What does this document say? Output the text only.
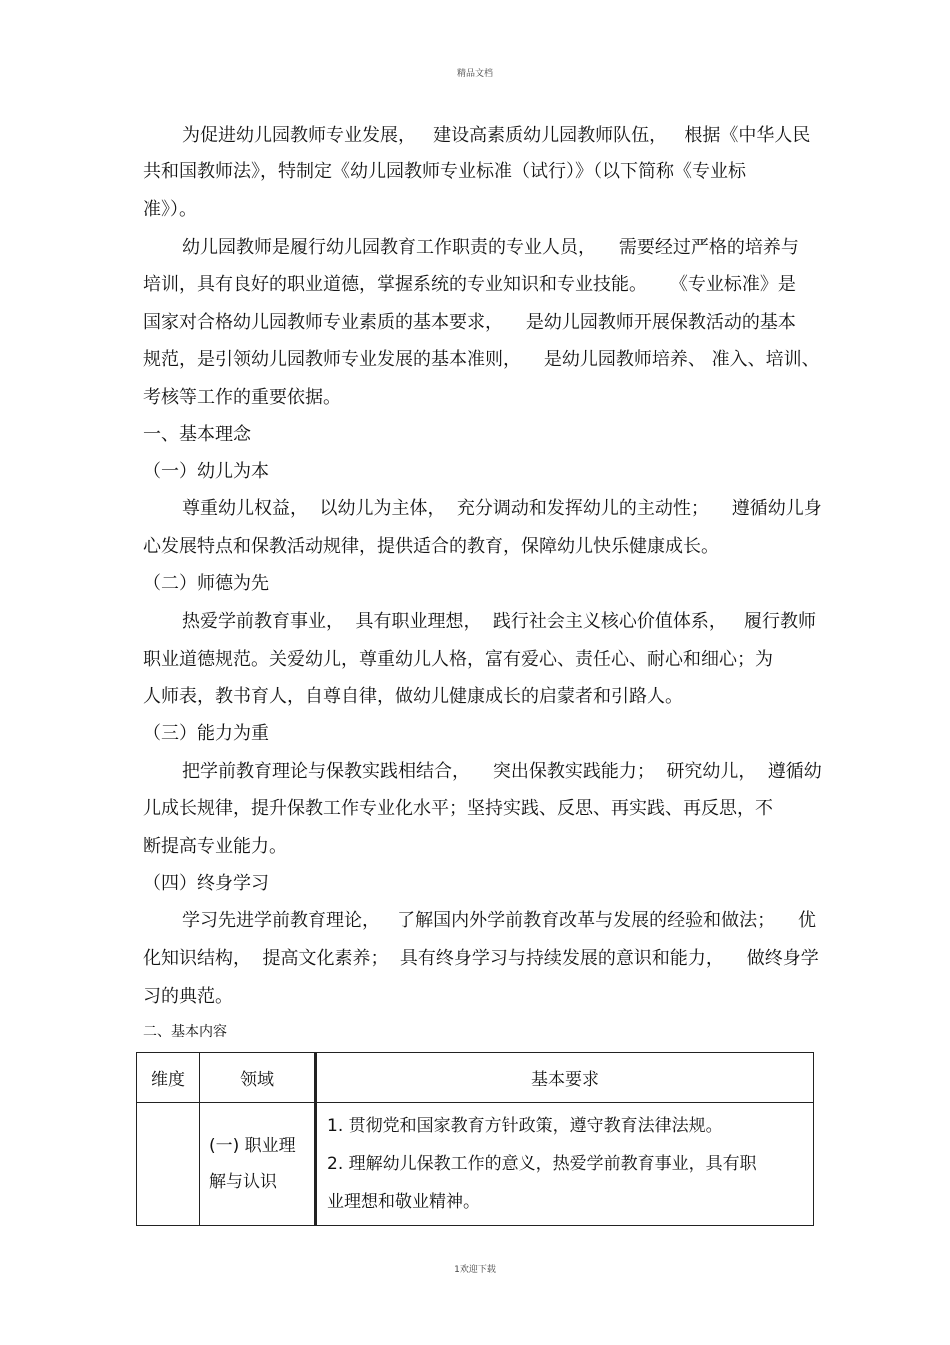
精品文档
为促进幼儿园教师专业发展，   建设高素质幼儿园教师队伍，   根据《中华人民
共和国教师法》，特制定《幼儿园教师专业标准（试行）》（以下简称《专业标
准》）。
幼儿园教师是履行幼儿园教育工作职责的专业人员，    需要经过严格的培养与
培训，具有良好的职业道德，掌握系统的专业知识和专业技能。    《专业标准》是
国家对合格幼儿园教师专业素质的基本要求，    是幼儿园教师开展保教活动的基本
规范，是引领幼儿园教师专业发展的基本准则，    是幼儿园教师培养、 准入、培训、
考核等工作的重要依据。
一、基本理念
（一）幼儿为本
尊重幼儿权益，  以幼儿为主体，  充分调动和发挥幼儿的主动性；    遵循幼儿身
心发展特点和保教活动规律，提供适合的教育，保障幼儿快乐健康成长。
（二）师德为先
热爱学前教育事业，  具有职业理想，  践行社会主义核心价值体系，   履行教师
职业道德规范。关爱幼儿，尊重幼儿人格，富有爱心、责任心、耐心和细心；为
人师表，教书育人，自尊自律，做幼儿健康成长的启蒙者和引路人。
（三）能力为重
把学前教育理论与保教实践相结合，    突出保教实践能力；  研究幼儿，  遵循幼
儿成长规律，提升保教工作专业化水平；坚持实践、反思、再实践、再反思，不
断提高专业能力。
（四）终身学习
学习先进学前教育理论，   了解国内外学前教育改革与发展的经验和做法；    优
化知识结构，  提高文化素养；  具有终身学习与持续发展的意识和能力，    做终身学
习的典范。
二、基本内容
维度	领域	基本要求
	(一) 职业理解与认识	1. 贯彻党和国家教育方针政策，遵守教育法律法规。
2. 理解幼儿保教工作的意义，热爱学前教育事业，具有职
业理想和敬业精神。
1欢迎下载
